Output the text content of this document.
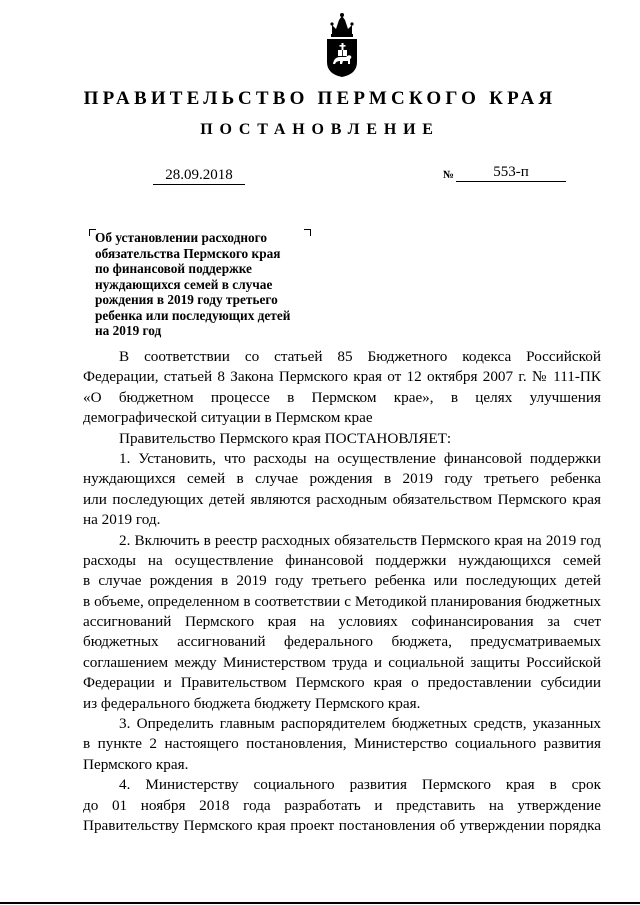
ПРАВИТЕЛЬСТВО ПЕРМСКОГО КРАЯ
ПОСТАНОВЛЕНИЕ
28.09.2018	№	553-п
Об установлении расходного
обязательства Пермского края
по финансовой поддержке
нуждающихся семей в случае
рождения в 2019 году третьего
ребенка или последующих детей
на 2019 год
В соответствии со статьей 85 Бюджетного кодекса Российской
Федерации, статьей 8 Закона Пермского края от 12 октября 2007 г. № 111-ПК
«О бюджетном процессе в Пермском крае», в целях улучшения
демографической ситуации в Пермском крае
Правительство Пермского края ПОСТАНОВЛЯЕТ:
1. Установить, что расходы на осуществление финансовой поддержки
нуждающихся семей в случае рождения в 2019 году третьего ребенка
или последующих детей являются расходным обязательством Пермского края
на 2019 год.
2. Включить в реестр расходных обязательств Пермского края на 2019 год
расходы на осуществление финансовой поддержки нуждающихся семей
в случае рождения в 2019 году третьего ребенка или последующих детей
в объеме, определенном в соответствии с Методикой планирования бюджетных
ассигнований Пермского края на условиях софинансирования за счет
бюджетных ассигнований федерального бюджета, предусматриваемых
соглашением между Министерством труда и социальной защиты Российской
Федерации и Правительством Пермского края о предоставлении субсидии
из федерального бюджета бюджету Пермского края.
3. Определить главным распорядителем бюджетных средств, указанных
в пункте 2 настоящего постановления, Министерство социального развития
Пермского края.
4. Министерству социального развития Пермского края в срок
до 01 ноября 2018 года разработать и представить на утверждение
Правительству Пермского края проект постановления об утверждении порядка
